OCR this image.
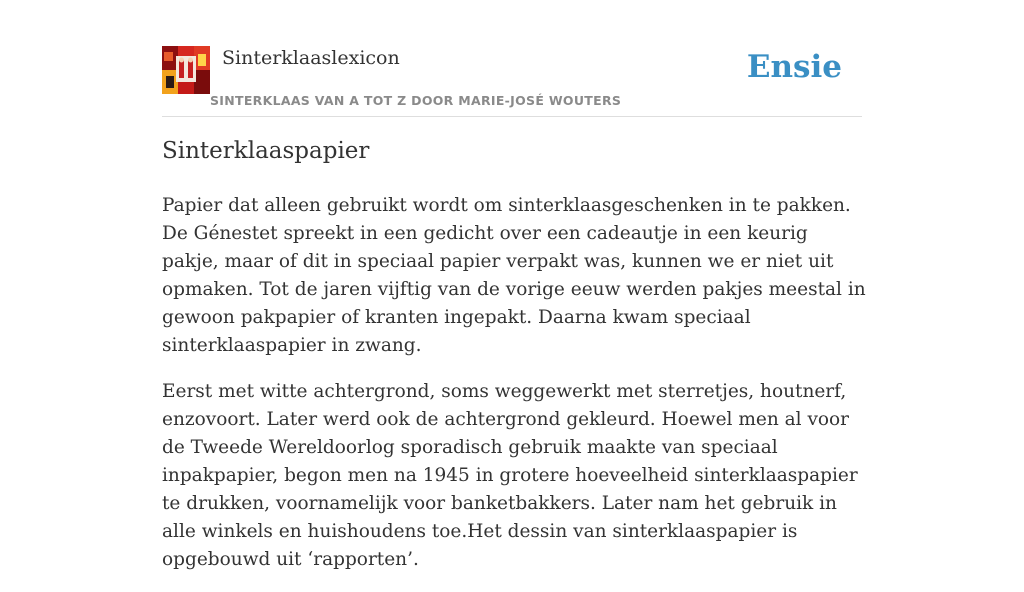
Sinterklaaslexicon
SINTERKLAAS VAN A TOT Z DOOR MARIE-JOSÉ WOUTERS
Ensie
Sinterklaaspapier

Papier dat alleen gebruikt wordt om sinterklaasgeschenken in te pakken. De Génestet spreekt in een gedicht over een cadeautje in een keurig pakje, maar of dit in speciaal papier verpakt was, kunnen we er niet uit opmaken. Tot de jaren vijftig van de vorige eeuw werden pakjes meestal in gewoon pakpapier of kranten ingepakt. Daarna kwam speciaal sinterklaaspapier in zwang.

Eerst met witte achtergrond, soms weggewerkt met sterretjes, houtnerf, enzovoort. Later werd ook de achtergrond gekleurd. Hoewel men al voor de Tweede Wereldoorlog sporadisch gebruik maakte van speciaal inpakpapier, begon men na 1945 in grotere hoeveelheid sinterklaaspapier te drukken, voornamelijk voor banketbakkers. Later nam het gebruik in alle winkels en huishoudens toe.Het dessin van sinterklaaspapier is opgebouwd uit ‘rapporten’.
